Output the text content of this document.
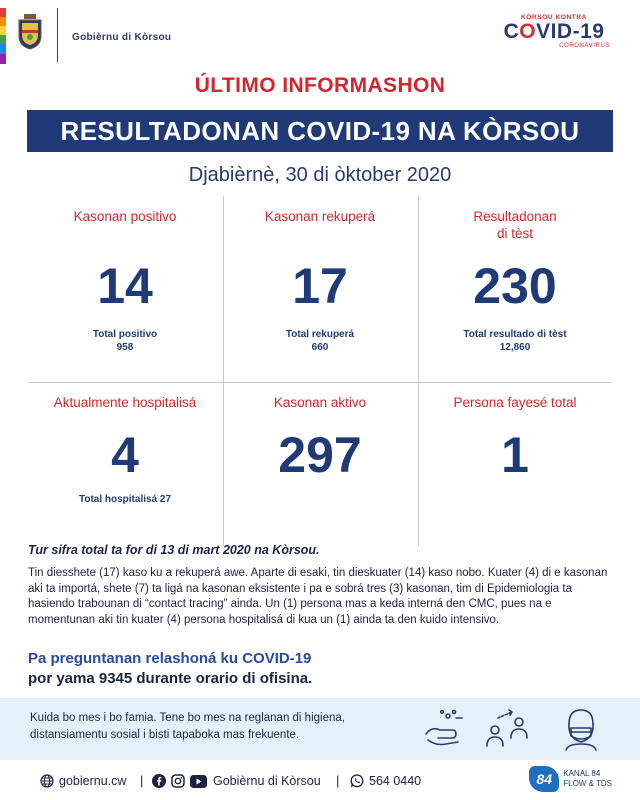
Gobièrnu di Kòrsou
KÒRSOU KONTRA
COVID-19
CORONAVIRUS
ÚLTIMO INFORMASHON
RESULTADONAN COVID-19 NA KÒRSOU
Djabièrnè, 30 di òktober 2020
Kasonan positivo
14
Total positivo
958
Kasonan rekuperá
17
Total rekuperá
660
Resultadonan
di tèst
230
Total resultado di tèst
12,860
Aktualmente hospitalisá
4
Total hospitalisá 27
Kasonan aktivo
297
Persona fayesé total
1
Tur sifra total ta for di 13 di mart 2020 na Kòrsou.
Tin diesshete (17) kaso ku a rekuperá awe. Aparte di esaki, tin dieskuater (14) kaso nobo. Kuater (4) di e kasonan aki ta importá, shete (7) ta ligá na kasonan eksistente i pa e sobrá tres (3) kasonan, tim di Epidemiologia ta hasiendo trabounan di “contact tracing” ainda. Un (1) persona mas a keda interná den CMC, pues na e momentunan aki tin kuater (4) persona hospitalisá di kua un (1) ainda ta den kuido intensivo.
Pa preguntanan relashoná ku COVID-19
por yama 9345 durante orario di ofisina.
Kuida bo mes i bo famia. Tene bo mes na reglanan di higiena, distansiamentu sosial i bisti tapaboka mas frekuente.
gobiernu.cw |	Gobièrnu di Kòrsou | 564 0440	84	KANAL 84
FLOW & TDS
